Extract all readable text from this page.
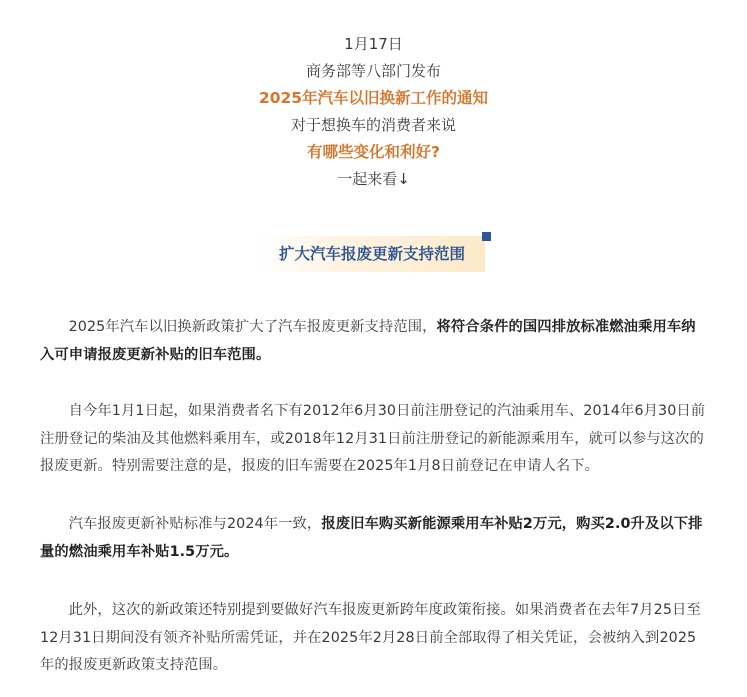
1月17日
商务部等八部门发布
2025年汽车以旧换新工作的通知
对于想换车的消费者来说
有哪些变化和利好?
一起来看↓
扩大汽车报废更新支持范围

2025年汽车以旧换新政策扩大了汽车报废更新支持范围，将符合条件的国四排放标准燃油乘用车纳入可申请报废更新补贴的旧车范围。

自今年1月1日起，如果消费者名下有2012年6月30日前注册登记的汽油乘用车、2014年6月30日前注册登记的柴油及其他燃料乘用车，或2018年12月31日前注册登记的新能源乘用车，就可以参与这次的报废更新。特别需要注意的是，报废的旧车需要在2025年1月8日前登记在申请人名下。

汽车报废更新补贴标准与2024年一致，报废旧车购买新能源乘用车补贴2万元，购买2.0升及以下排量的燃油乘用车补贴1.5万元。

此外，这次的新政策还特别提到要做好汽车报废更新跨年度政策衔接。如果消费者在去年7月25日至12月31日期间没有领齐补贴所需凭证，并在2025年2月28日前全部取得了相关凭证，会被纳入到2025年的报废更新政策支持范围。
